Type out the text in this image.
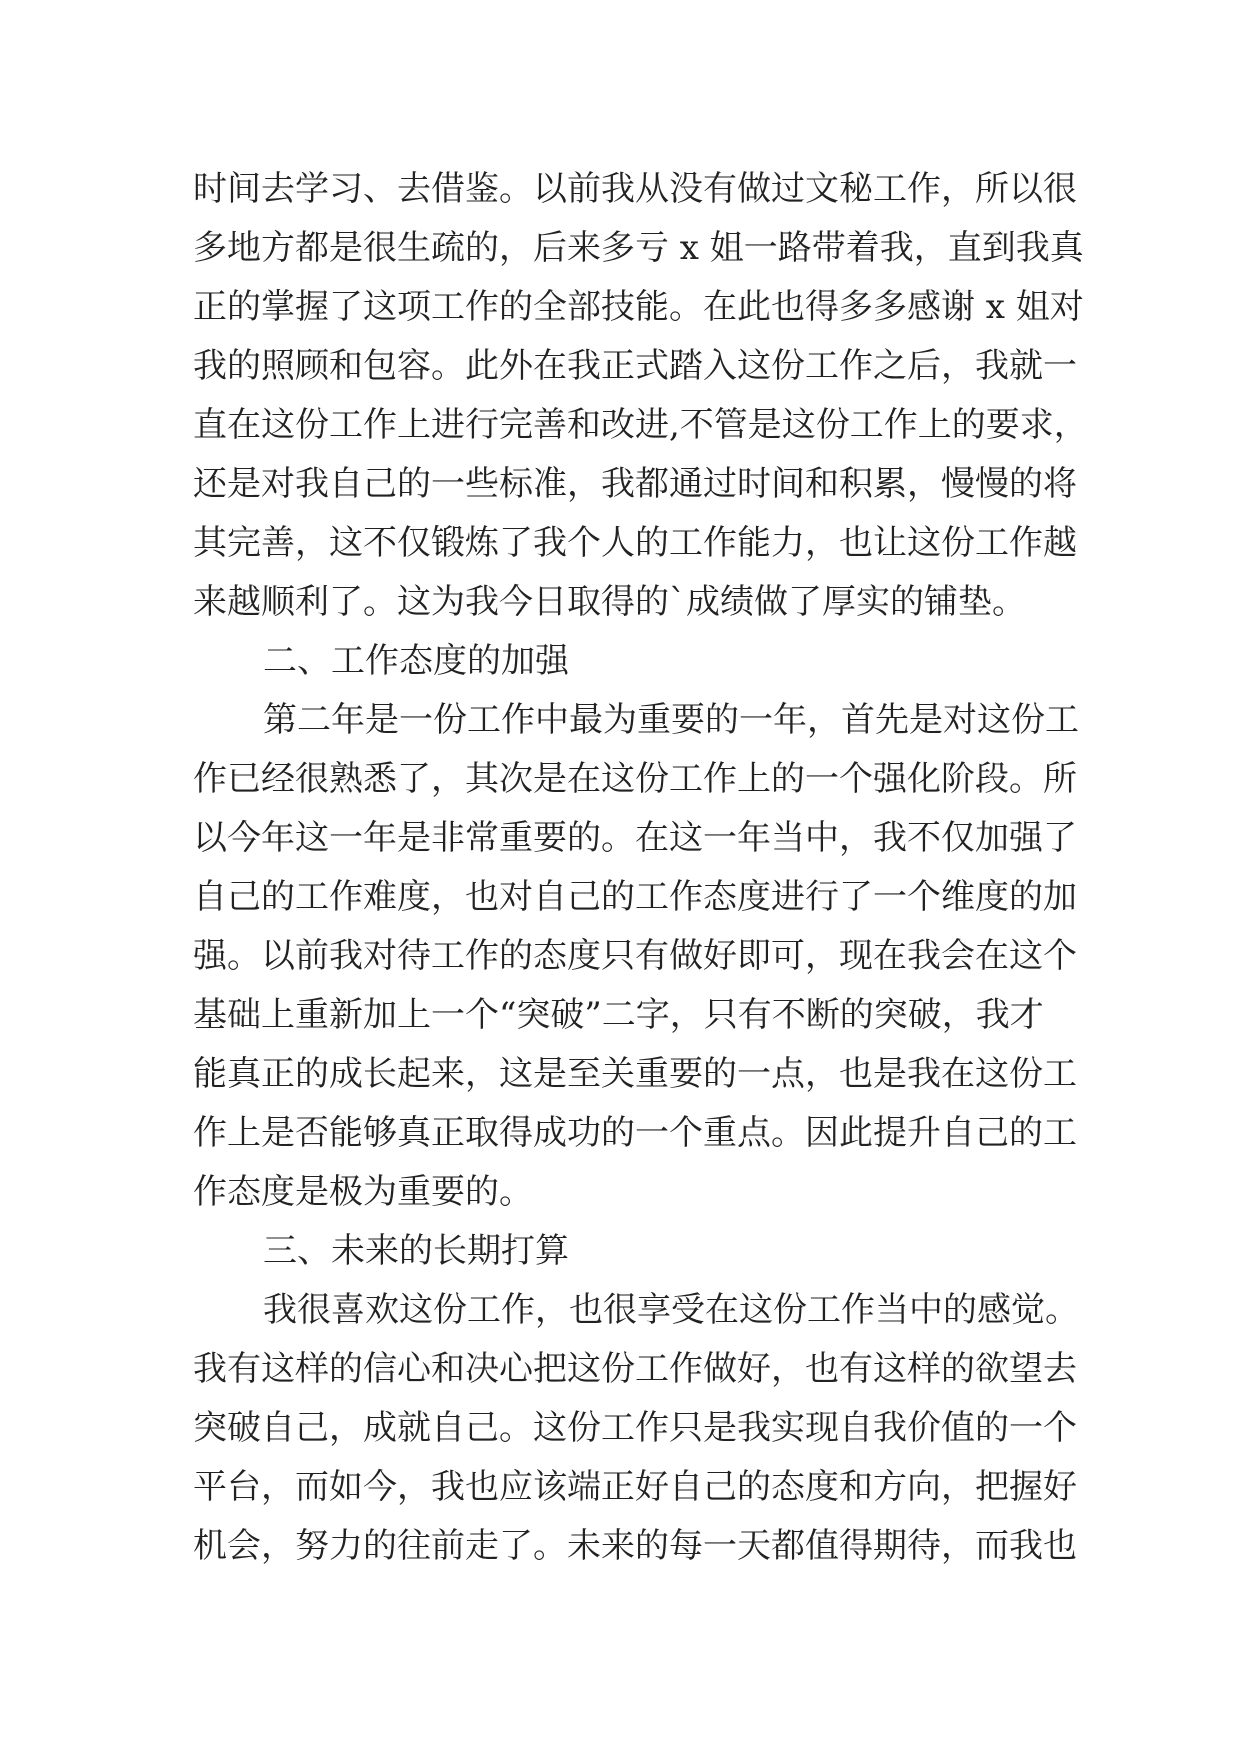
时间去学习、去借鉴。以前我从没有做过文秘工作，所以很
多地方都是很生疏的，后来多亏 x 姐一路带着我，直到我真
正的掌握了这项工作的全部技能。在此也得多多感谢 x 姐对
我的照顾和包容。此外在我正式踏入这份工作之后，我就一
直在这份工作上进行完善和改进,不管是这份工作上的要求，
还是对我自己的一些标准，我都通过时间和积累，慢慢的将
其完善，这不仅锻炼了我个人的工作能力，也让这份工作越
来越顺利了。这为我今日取得的`成绩做了厚实的铺垫。
二、工作态度的加强
第二年是一份工作中最为重要的一年，首先是对这份工
作已经很熟悉了，其次是在这份工作上的一个强化阶段。所
以今年这一年是非常重要的。在这一年当中，我不仅加强了
自己的工作难度，也对自己的工作态度进行了一个维度的加
强。以前我对待工作的态度只有做好即可，现在我会在这个
基础上重新加上一个“突破”二字，只有不断的突破，我才
能真正的成长起来，这是至关重要的一点，也是我在这份工
作上是否能够真正取得成功的一个重点。因此提升自己的工
作态度是极为重要的。
三、未来的长期打算
我很喜欢这份工作，也很享受在这份工作当中的感觉。
我有这样的信心和决心把这份工作做好，也有这样的欲望去
突破自己，成就自己。这份工作只是我实现自我价值的一个
平台，而如今，我也应该端正好自己的态度和方向，把握好
机会，努力的往前走了。未来的每一天都值得期待，而我也
